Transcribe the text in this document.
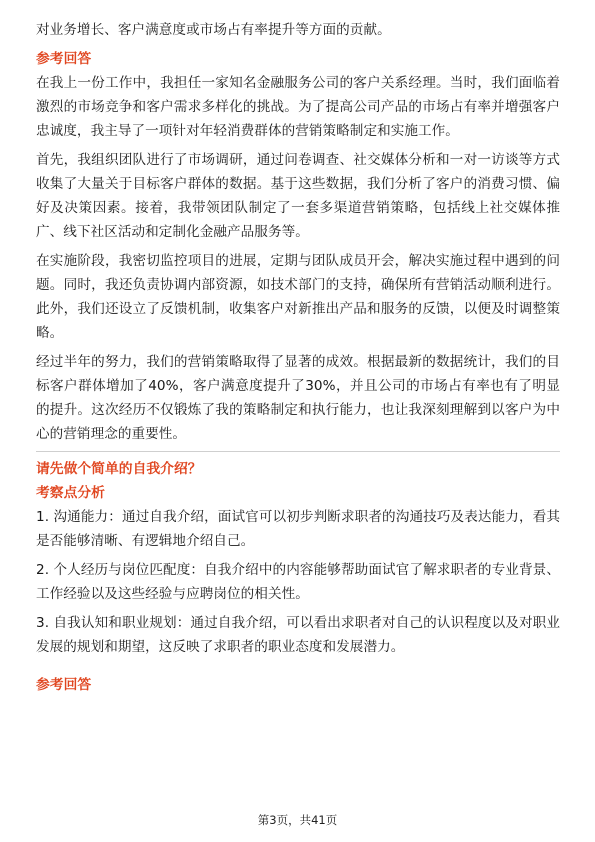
对业务增长、客户满意度或市场占有率提升等方面的贡献。

参考回答

在我上一份工作中，我担任一家知名金融服务公司的客户关系经理。当时，我们面临着激烈的市场竞争和客户需求多样化的挑战。为了提高公司产品的市场占有率并增强客户忠诚度，我主导了一项针对年轻消费群体的营销策略制定和实施工作。

首先，我组织团队进行了市场调研，通过问卷调查、社交媒体分析和一对一访谈等方式收集了大量关于目标客户群体的数据。基于这些数据，我们分析了客户的消费习惯、偏好及决策因素。接着，我带领团队制定了一套多渠道营销策略，包括线上社交媒体推广、线下社区活动和定制化金融产品服务等。

在实施阶段，我密切监控项目的进展，定期与团队成员开会，解决实施过程中遇到的问题。同时，我还负责协调内部资源，如技术部门的支持，确保所有营销活动顺利进行。此外，我们还设立了反馈机制，收集客户对新推出产品和服务的反馈，以便及时调整策略。

经过半年的努力，我们的营销策略取得了显著的成效。根据最新的数据统计，我们的目标客户群体增加了40%，客户满意度提升了30%，并且公司的市场占有率也有了明显的提升。这次经历不仅锻炼了我的策略制定和执行能力，也让我深刻理解到以客户为中心的营销理念的重要性。

请先做个简单的自我介绍？
考察点分析

1. 沟通能力：通过自我介绍，面试官可以初步判断求职者的沟通技巧及表达能力，看其是否能够清晰、有逻辑地介绍自己。

2. 个人经历与岗位匹配度：自我介绍中的内容能够帮助面试官了解求职者的专业背景、工作经验以及这些经验与应聘岗位的相关性。

3. 自我认知和职业规划：通过自我介绍，可以看出求职者对自己的认识程度以及对职业发展的规划和期望，这反映了求职者的职业态度和发展潜力。

参考回答
第3页，共41页
